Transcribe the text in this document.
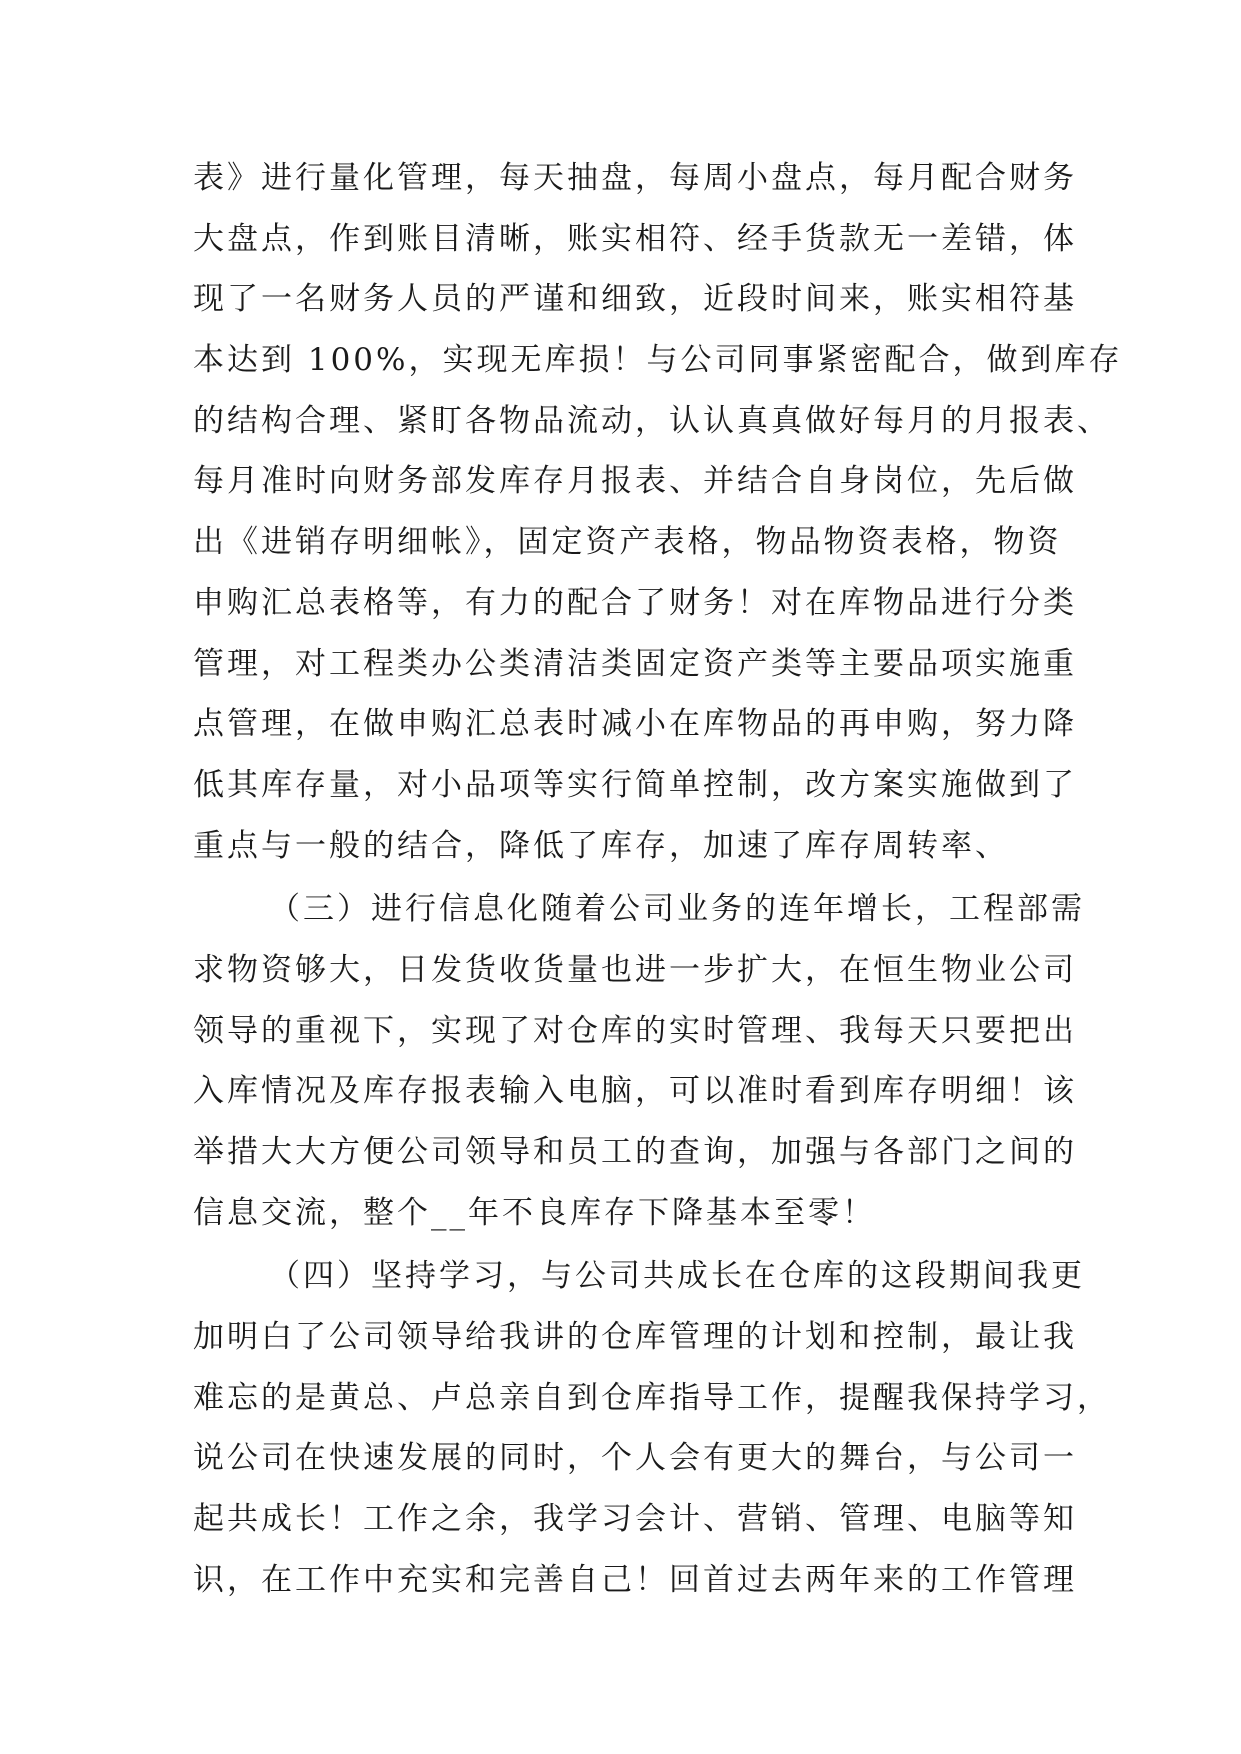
表》进行量化管理，每天抽盘，每周小盘点，每月配合财务
大盘点，作到账目清晰，账实相符、经手货款无一差错，体
现了一名财务人员的严谨和细致，近段时间来，账实相符基
本达到 100%，实现无库损！与公司同事紧密配合，做到库存
的结构合理、紧盯各物品流动，认认真真做好每月的月报表、
每月准时向财务部发库存月报表、并结合自身岗位，先后做
出《进销存明细帐》，固定资产表格，物品物资表格，物资
申购汇总表格等，有力的配合了财务！对在库物品进行分类
管理，对工程类办公类清洁类固定资产类等主要品项实施重
点管理，在做申购汇总表时减小在库物品的再申购，努力降
低其库存量，对小品项等实行简单控制，改方案实施做到了
重点与一般的结合，降低了库存，加速了库存周转率、
（三）进行信息化随着公司业务的连年增长，工程部需
求物资够大，日发货收货量也进一步扩大，在恒生物业公司
领导的重视下，实现了对仓库的实时管理、我每天只要把出
入库情况及库存报表输入电脑，可以准时看到库存明细！该
举措大大方便公司领导和员工的查询，加强与各部门之间的
信息交流，整个__年不良库存下降基本至零！
（四）坚持学习，与公司共成长在仓库的这段期间我更
加明白了公司领导给我讲的仓库管理的计划和控制，最让我
难忘的是黄总、卢总亲自到仓库指导工作，提醒我保持学习，
说公司在快速发展的同时，个人会有更大的舞台，与公司一
起共成长！工作之余，我学习会计、营销、管理、电脑等知
识，在工作中充实和完善自己！回首过去两年来的工作管理
